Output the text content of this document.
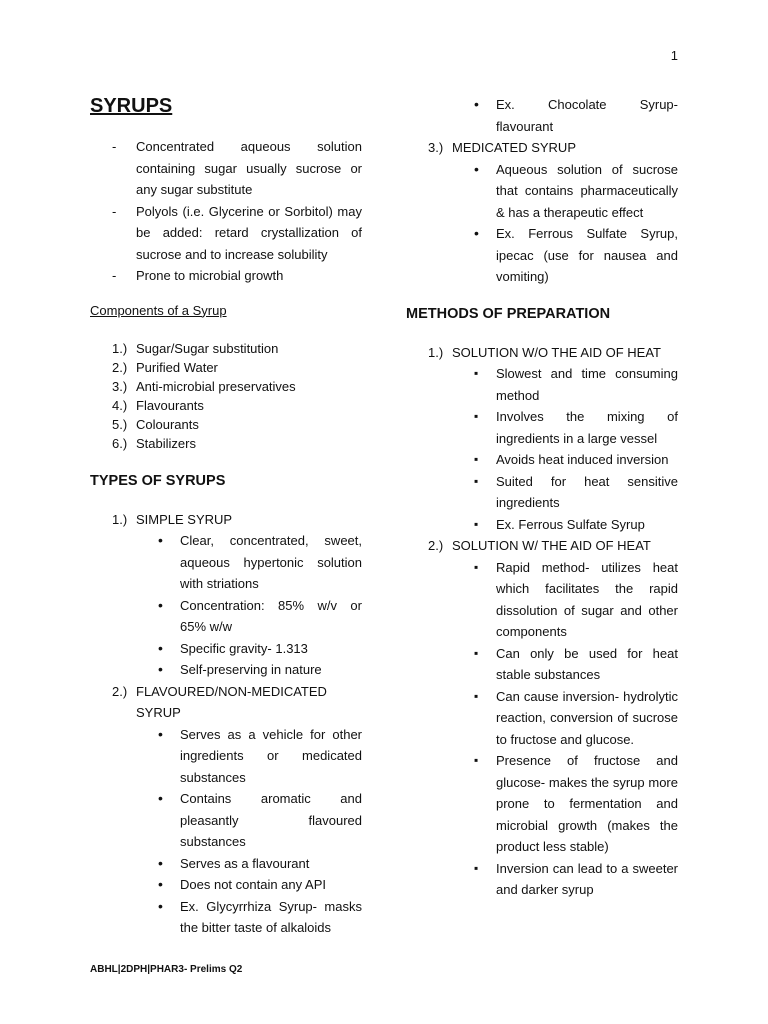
1
SYRUPS
- Concentrated aqueous solution containing sugar usually sucrose or any sugar substitute
- Polyols (i.e. Glycerine or Sorbitol) may be added: retard crystallization of sucrose and to increase solubility
- Prone to microbial growth
Components of a Syrup
1.) Sugar/Sugar substitution
2.) Purified Water
3.) Anti-microbial preservatives
4.) Flavourants
5.) Colourants
6.) Stabilizers
TYPES OF SYRUPS
1.) SIMPLE SYRUP
• Clear, concentrated, sweet, aqueous hypertonic solution with striations
• Concentration: 85% w/v or 65% w/w
• Specific gravity- 1.313
• Self-preserving in nature
2.) FLAVOURED/NON-MEDICATED SYRUP
• Serves as a vehicle for other ingredients or medicated substances
• Contains aromatic and pleasantly flavoured substances
• Serves as a flavourant
• Does not contain any API
• Ex. Glycyrrhiza Syrup- masks the bitter taste of alkaloids
• Ex. Chocolate Syrup- flavourant
3.) MEDICATED SYRUP
• Aqueous solution of sucrose that contains pharmaceutically & has a therapeutic effect
• Ex. Ferrous Sulfate Syrup, ipecac (use for nausea and vomiting)
METHODS OF PREPARATION
1.) SOLUTION W/O THE AID OF HEAT
▪ Slowest and time consuming method
▪ Involves the mixing of ingredients in a large vessel
▪ Avoids heat induced inversion
▪ Suited for heat sensitive ingredients
▪ Ex. Ferrous Sulfate Syrup
2.) SOLUTION W/ THE AID OF HEAT
▪ Rapid method- utilizes heat which facilitates the rapid dissolution of sugar and other components
▪ Can only be used for heat stable substances
▪ Can cause inversion- hydrolytic reaction, conversion of sucrose to fructose and glucose.
▪ Presence of fructose and glucose- makes the syrup more prone to fermentation and microbial growth (makes the product less stable)
▪ Inversion can lead to a sweeter and darker syrup
ABHL|2DPH|PHAR3- Prelims Q2
